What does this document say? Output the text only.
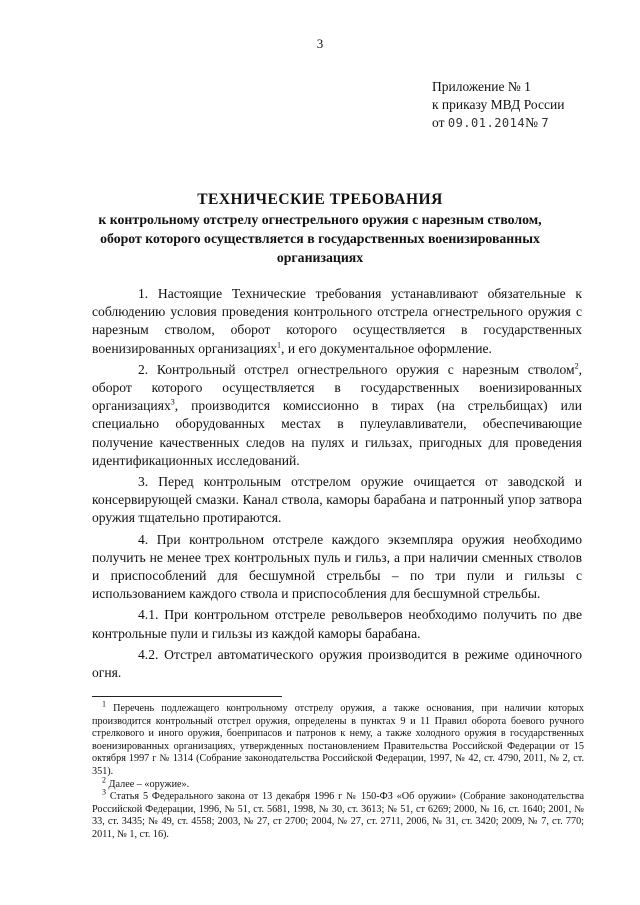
3
Приложение № 1
к приказу МВД России
от 09.01.2014№ 7
ТЕХНИЧЕСКИЕ ТРЕБОВАНИЯ
к контрольному отстрелу огнестрельного оружия с нарезным стволом, оборот которого осуществляется в государственных военизированных организациях

1. Настоящие Технические требования устанавливают обязательные к соблюдению условия проведения контрольного отстрела огнестрельного оружия с нарезным стволом, оборот которого осуществляется в государственных военизированных организациях$^1$, и его документальное оформление.

2. Контрольный отстрел огнестрельного оружия с нарезным стволом$^2$, оборот которого осуществляется в государственных военизированных организациях$^3$, производится комиссионно в тирах (на стрельбищах) или специально оборудованных местах в пулеулавливатели, обеспечивающие получение качественных следов на пулях и гильзах, пригодных для проведения идентификационных исследований.

3. Перед контрольным отстрелом оружие очищается от заводской и консервирующей смазки. Канал ствола, каморы барабана и патронный упор затвора оружия тщательно протираются.

4. При контрольном отстреле каждого экземпляра оружия необходимо получить не менее трех контрольных пуль и гильз, а при наличии сменных стволов и приспособлений для бесшумной стрельбы – по три пули и гильзы с использованием каждого ствола и приспособления для бесшумной стрельбы.

4.1. При контрольном отстреле револьверов необходимо получить по две контрольные пули и гильзы из каждой каморы барабана.

4.2. Отстрел автоматического оружия производится в режиме одиночного огня.

$^1$ Перечень подлежащего контрольному отстрелу оружия, а также основания, при наличии которых производится контрольный отстрел оружия, определены в пунктах 9 и 11 Правил оборота боевого ручного стрелкового и иного оружия, боеприпасов и патронов к нему, а также холодного оружия в государственных военизированных организациях, утвержденных постановлением Правительства Российской Федерации от 15 октября 1997 г № 1314 (Собрание законодательства Российской Федерации, 1997, № 42, ст. 4790, 2011, № 2, ст. 351).

$^2$ Далее – «оружие».

$^3$ Статья 5 Федерального закона от 13 декабря 1996 г № 150-ФЗ «Об оружии» (Собрание законодательства Российской Федерации, 1996, № 51, ст. 5681, 1998, № 30, ст. 3613; № 51, ст 6269; 2000, № 16, ст. 1640; 2001, № 33, ст. 3435; № 49, ст. 4558; 2003, № 27, ст 2700; 2004, № 27, ст. 2711, 2006, № 31, ст. 3420; 2009, № 7, ст. 770; 2011, № 1, ст. 16).
